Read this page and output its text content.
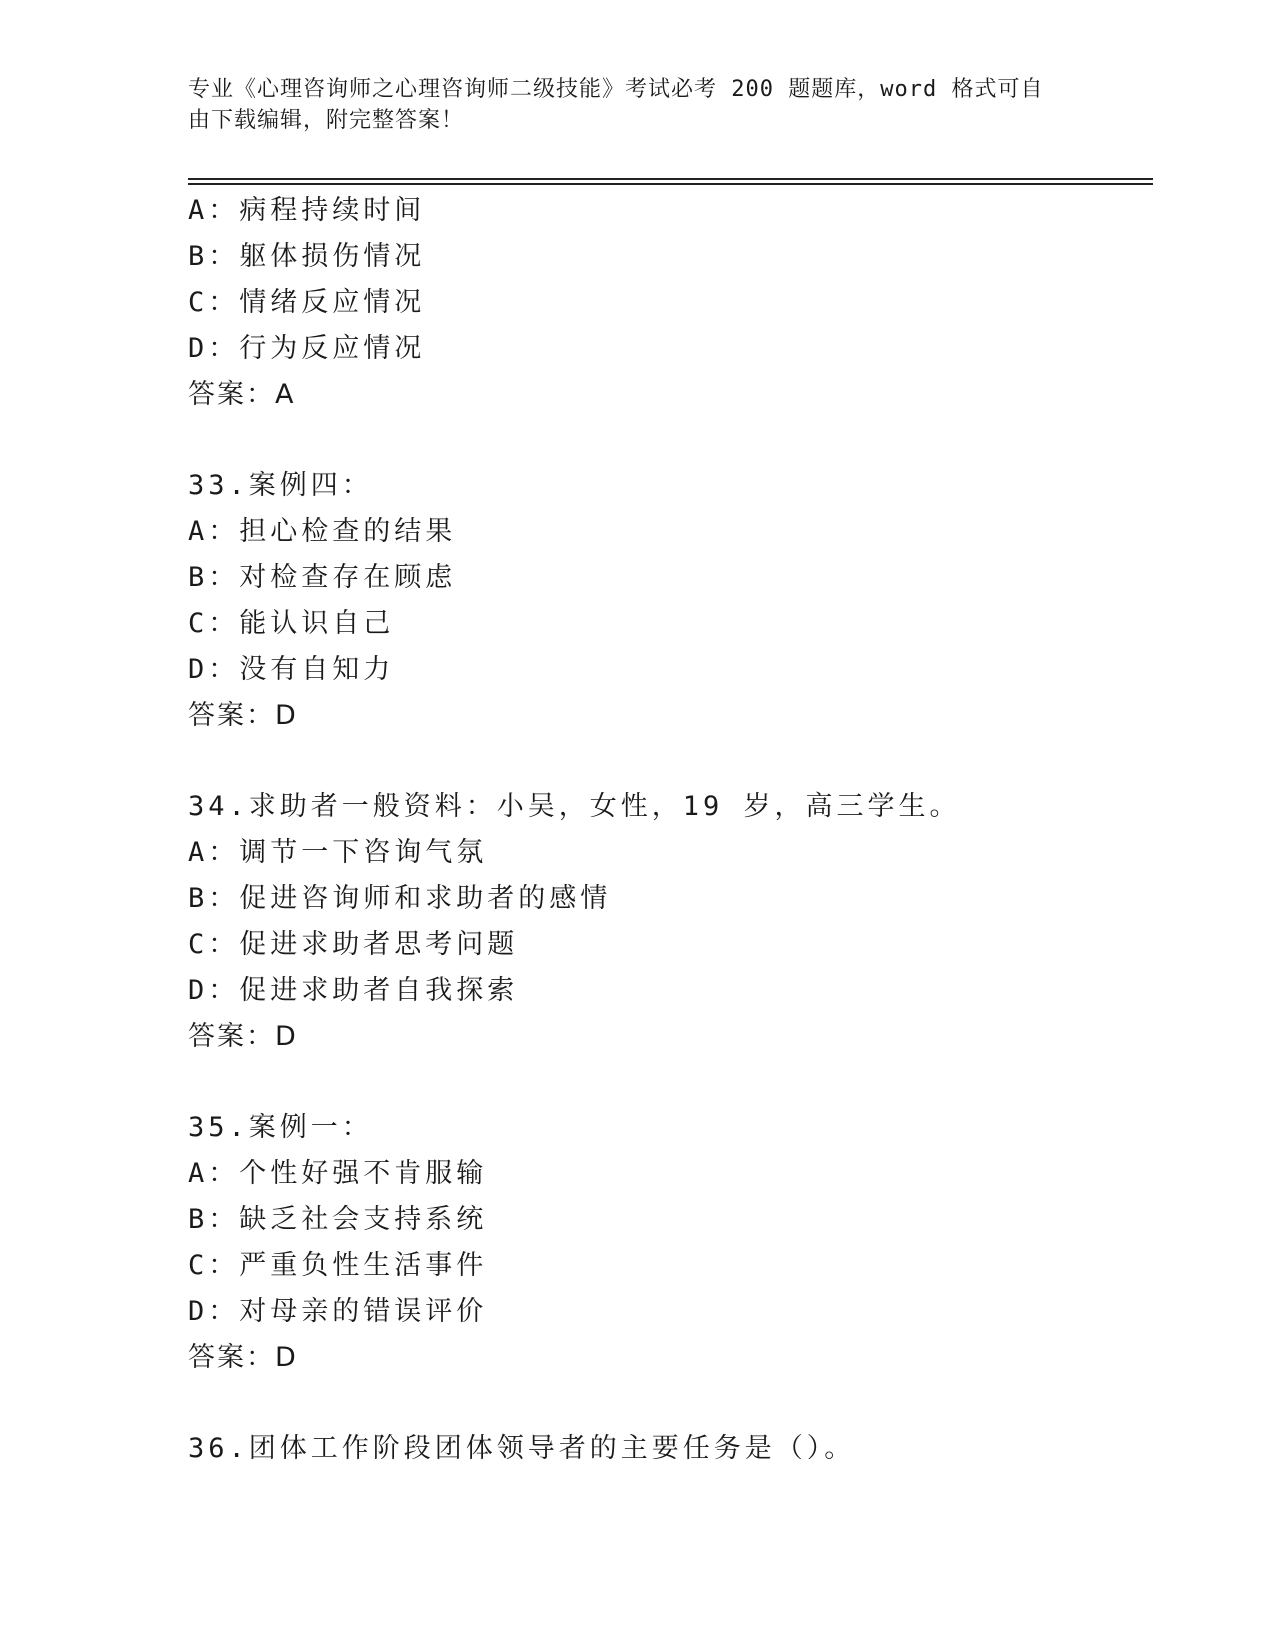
专业《心理咨询师之心理咨询师二级技能》考试必考 200 题题库，word 格式可自
由下载编辑，附完整答案！
A：病程持续时间
B：躯体损伤情况
C：情绪反应情况
D：行为反应情况
答案：A
33.案例四：
A：担心检查的结果
B：对检查存在顾虑
C：能认识自己
D：没有自知力
答案：D
34.求助者一般资料：小吴，女性，19 岁，高三学生。
A：调节一下咨询气氛
B：促进咨询师和求助者的感情
C：促进求助者思考问题
D：促进求助者自我探索
答案：D
35.案例一：
A：个性好强不肯服输
B：缺乏社会支持系统
C：严重负性生活事件
D：对母亲的错误评价
答案：D
36.团体工作阶段团体领导者的主要任务是（）。
